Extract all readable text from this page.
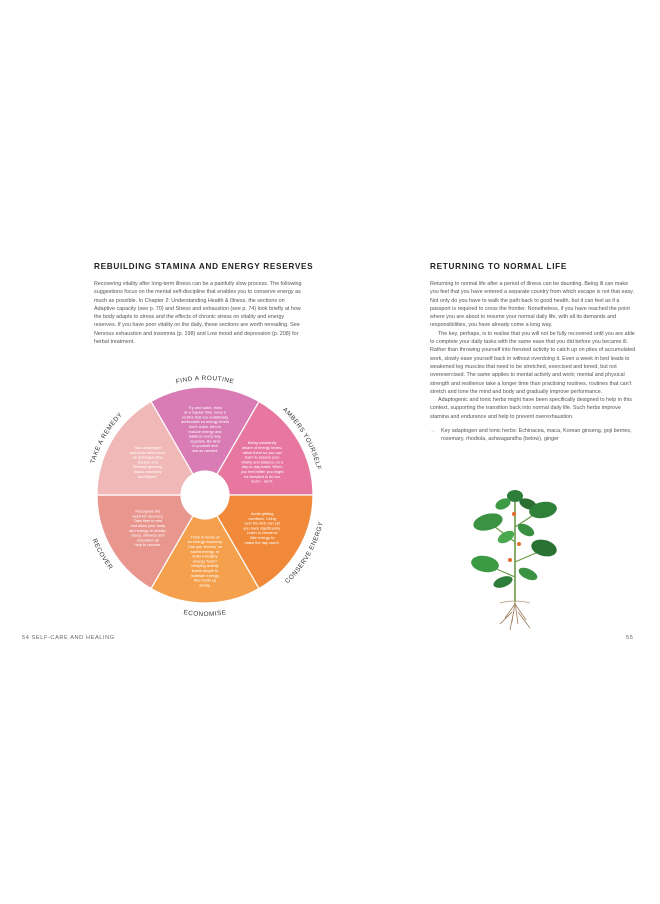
REBUILDING STAMINA AND ENERGY RESERVES

Recovering vitality after long-term illness can be a painfully slow process. The following suggestions focus on the mental self-discipline that enables you to conserve energy as much as possible. In Chapter 2: Understanding Health & Illness, the sections on Adaptive capacity (see p. 70) and Stress and exhaustion (see p. 74) look briefly at how the body adapts to stress and the effects of chronic stress on vitality and energy reserves. If you have poor vitality on the daily, these sections are worth rereading. See Nervous exhaustion and insomnia (p. 198) and Low mood and depression (p. 208) for herbal treatment.

FIND A ROUTINE
Try and wake, think at a regular time, keep a routine that are realistically achievable so energy levels don't crash. Aim to include energy and balance every day, regularly. Be kind to yourself and rest as needed.
AMBERS YOURSELF
Being constantly aware of energy levels, ration them so you can learn to assess your vitality and balance on a day-to-day basis. When you feel better you might be tempted to do too much - don't.
CONSERVE ENERGY
Avoid getting overtired. Living over the limit can set you back significantly. Learn to conserve little energy to make the day count.
ECONOMISE
Think in terms of an energy economy. Can you 'borrow' on saved energy, or build a healthy energy 'fund'? Keeping activity levels simple to maintain energy, then build up slowly.
RECOVER
Recognise the need for recovery. Take time to rest and allow your body and energy to rebuild. Sleep, stillness and relaxation all help to recover.
TAKE A REMEDY
Take adaptogen and tonic herbs such as ashwagandha, Korean and Siberian ginseng, maca, rosemary and thyme.
54 SELF-CARE AND HEALING
RETURNING TO NORMAL LIFE

Returning to normal life after a period of illness can be daunting. Being ill can make you feel that you have entered a separate country from which escape is not that easy. Not only do you have to walk the path back to good health, but it can feel as if a passport is required to cross the frontier. Nonetheless, if you have reached the point where you are about to resume your normal daily life, with all its demands and responsibilities, you have already come a long way.

The key, perhaps, is to realise that you will not be fully recovered until you are able to complete your daily tasks with the same ease that you did before you became ill. Rather than throwing yourself into frenzied activity to catch up on piles of accumulated work, slowly ease yourself back in without overdoing it. Even a week in bed leads to weakened leg muscles that need to be stretched, exercised and toned, but not overexercised. The same applies to mental activity and work; mental and physical strength and resilience take a longer time than practising routines, routines that can't stretch and tone the mind and body and gradually improve performance.

Adaptogenic and tonic herbs might have been specifically designed to help in this context, supporting the transition back into normal daily life. Such herbs improve stamina and endurance and help to prevent overexhaustion.

→ Key adaptogen and tonic herbs: Echinacea, maca, Korean ginseng, goji berries, rosemary, rhodiola, ashwagandha (below), ginger
55
